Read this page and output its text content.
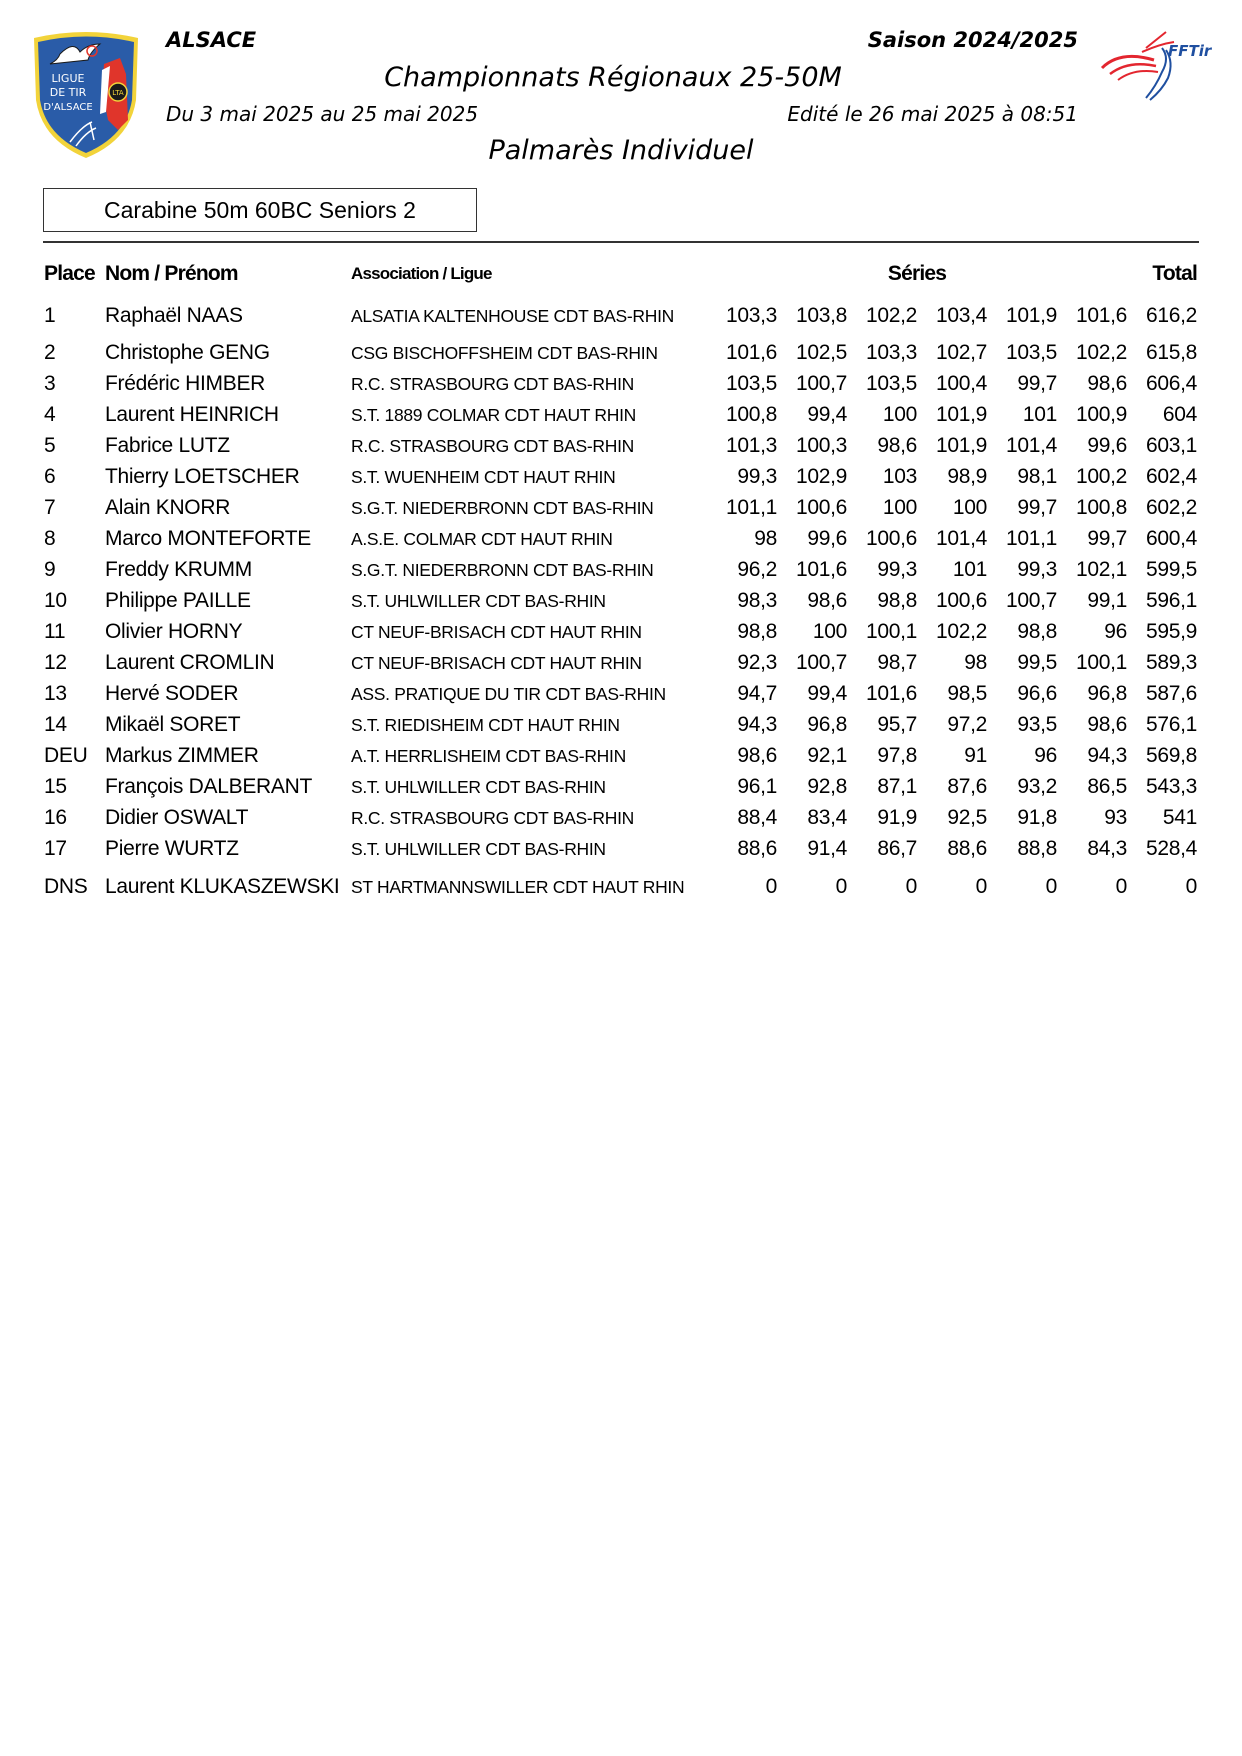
LTA
LIGUE
DE TIR
D'ALSACE
FFTir
ALSACE	Saison 2024/2025
Championnats Régionaux 25-50M
Du 3 mai 2025 au 25 mai 2025	Edité le 26 mai 2025 à 08:51
Palmarès Individuel
Carabine 50m 60BC Seniors 2
Place	Nom / Prénom	Association / Ligue	Séries						Total
1	Raphaël NAAS	ALSATIA KALTENHOUSE CDT BAS-RHIN	103,3	103,8	102,2	103,4	101,9	101,6	616,2
2	Christophe GENG	CSG BISCHOFFSHEIM CDT BAS-RHIN	101,6	102,5	103,3	102,7	103,5	102,2	615,8
3	Frédéric HIMBER	R.C. STRASBOURG CDT BAS-RHIN	103,5	100,7	103,5	100,4	99,7	98,6	606,4
4	Laurent HEINRICH	S.T. 1889 COLMAR CDT HAUT RHIN	100,8	99,4	100	101,9	101	100,9	604
5	Fabrice LUTZ	R.C. STRASBOURG CDT BAS-RHIN	101,3	100,3	98,6	101,9	101,4	99,6	603,1
6	Thierry LOETSCHER	S.T. WUENHEIM CDT HAUT RHIN	99,3	102,9	103	98,9	98,1	100,2	602,4
7	Alain KNORR	S.G.T. NIEDERBRONN CDT BAS-RHIN	101,1	100,6	100	100	99,7	100,8	602,2
8	Marco MONTEFORTE	A.S.E. COLMAR CDT HAUT RHIN	98	99,6	100,6	101,4	101,1	99,7	600,4
9	Freddy KRUMM	S.G.T. NIEDERBRONN CDT BAS-RHIN	96,2	101,6	99,3	101	99,3	102,1	599,5
10	Philippe PAILLE	S.T. UHLWILLER CDT BAS-RHIN	98,3	98,6	98,8	100,6	100,7	99,1	596,1
11	Olivier HORNY	CT NEUF-BRISACH CDT HAUT RHIN	98,8	100	100,1	102,2	98,8	96	595,9
12	Laurent CROMLIN	CT NEUF-BRISACH CDT HAUT RHIN	92,3	100,7	98,7	98	99,5	100,1	589,3
13	Hervé SODER	ASS. PRATIQUE DU TIR CDT BAS-RHIN	94,7	99,4	101,6	98,5	96,6	96,8	587,6
14	Mikaël SORET	S.T. RIEDISHEIM CDT HAUT RHIN	94,3	96,8	95,7	97,2	93,5	98,6	576,1
DEU	Markus ZIMMER	A.T. HERRLISHEIM CDT BAS-RHIN	98,6	92,1	97,8	91	96	94,3	569,8
15	François DALBERANT	S.T. UHLWILLER CDT BAS-RHIN	96,1	92,8	87,1	87,6	93,2	86,5	543,3
16	Didier OSWALT	R.C. STRASBOURG CDT BAS-RHIN	88,4	83,4	91,9	92,5	91,8	93	541
17	Pierre WURTZ	S.T. UHLWILLER CDT BAS-RHIN	88,6	91,4	86,7	88,6	88,8	84,3	528,4
DNS	Laurent KLUKASZEWSKI	ST HARTMANNSWILLER CDT HAUT RHIN	0	0	0	0	0	0	0
